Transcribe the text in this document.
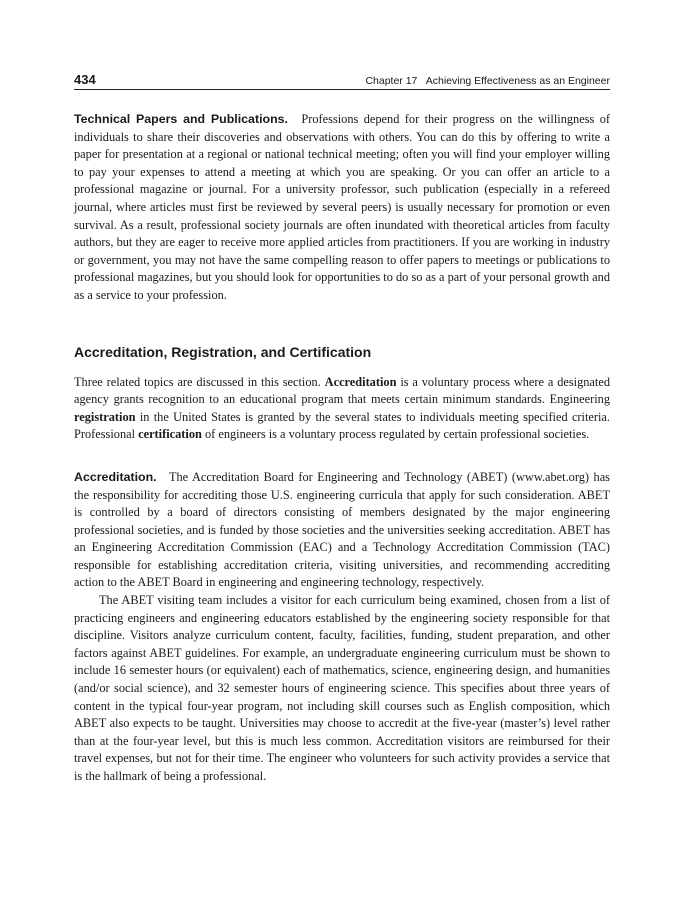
434	Chapter 17 Achieving Effectiveness as an Engineer

Technical Papers and Publications. Professions depend for their progress on the willingness of individuals to share their discoveries and observations with others. You can do this by offering to write a paper for presentation at a regional or national technical meeting; often you will find your employer willing to pay your expenses to attend a meeting at which you are speaking. Or you can offer an article to a professional magazine or journal. For a university professor, such publication (especially in a refereed journal, where articles must first be reviewed by several peers) is usually necessary for promotion or even survival. As a result, professional society journals are often inundated with theoretical articles from faculty authors, but they are eager to receive more applied articles from practitioners. If you are working in industry or government, you may not have the same compelling reason to offer papers to meetings or publications to professional magazines, but you should look for opportunities to do so as a part of your personal growth and as a service to your profession.

Accreditation, Registration, and Certification

Three related topics are discussed in this section. Accreditation is a voluntary process where a designated agency grants recognition to an educational program that meets certain minimum standards. Engineering registration in the United States is granted by the several states to individuals meeting specified criteria. Professional certification of engineers is a voluntary process regulated by certain professional societies.

Accreditation. The Accreditation Board for Engineering and Technology (ABET) (www.abet.org) has the responsibility for accrediting those U.S. engineering curricula that apply for such consideration. ABET is controlled by a board of directors consisting of members designated by the major engineering professional societies, and is funded by those societies and the universities seeking accreditation. ABET has an Engineering Accreditation Commission (EAC) and a Technology Accreditation Commission (TAC) responsible for establishing accreditation criteria, visiting universities, and recommending accrediting action to the ABET Board in engineering and engineering technology, respectively.

The ABET visiting team includes a visitor for each curriculum being examined, chosen from a list of practicing engineers and engineering educators established by the engineering society responsible for that discipline. Visitors analyze curriculum content, faculty, facilities, funding, student preparation, and other factors against ABET guidelines. For example, an undergraduate engineering curriculum must be shown to include 16 semester hours (or equivalent) each of mathematics, science, engineering design, and humanities (and/or social science), and 32 semester hours of engineering science. This specifies about three years of content in the typical four-year program, not including skill courses such as English composition, which ABET also expects to be taught. Universities may choose to accredit at the five-year (master’s) level rather than at the four-year level, but this is much less common. Accreditation visitors are reimbursed for their travel expenses, but not for their time. The engineer who volunteers for such activity provides a service that is the hallmark of being a professional.
